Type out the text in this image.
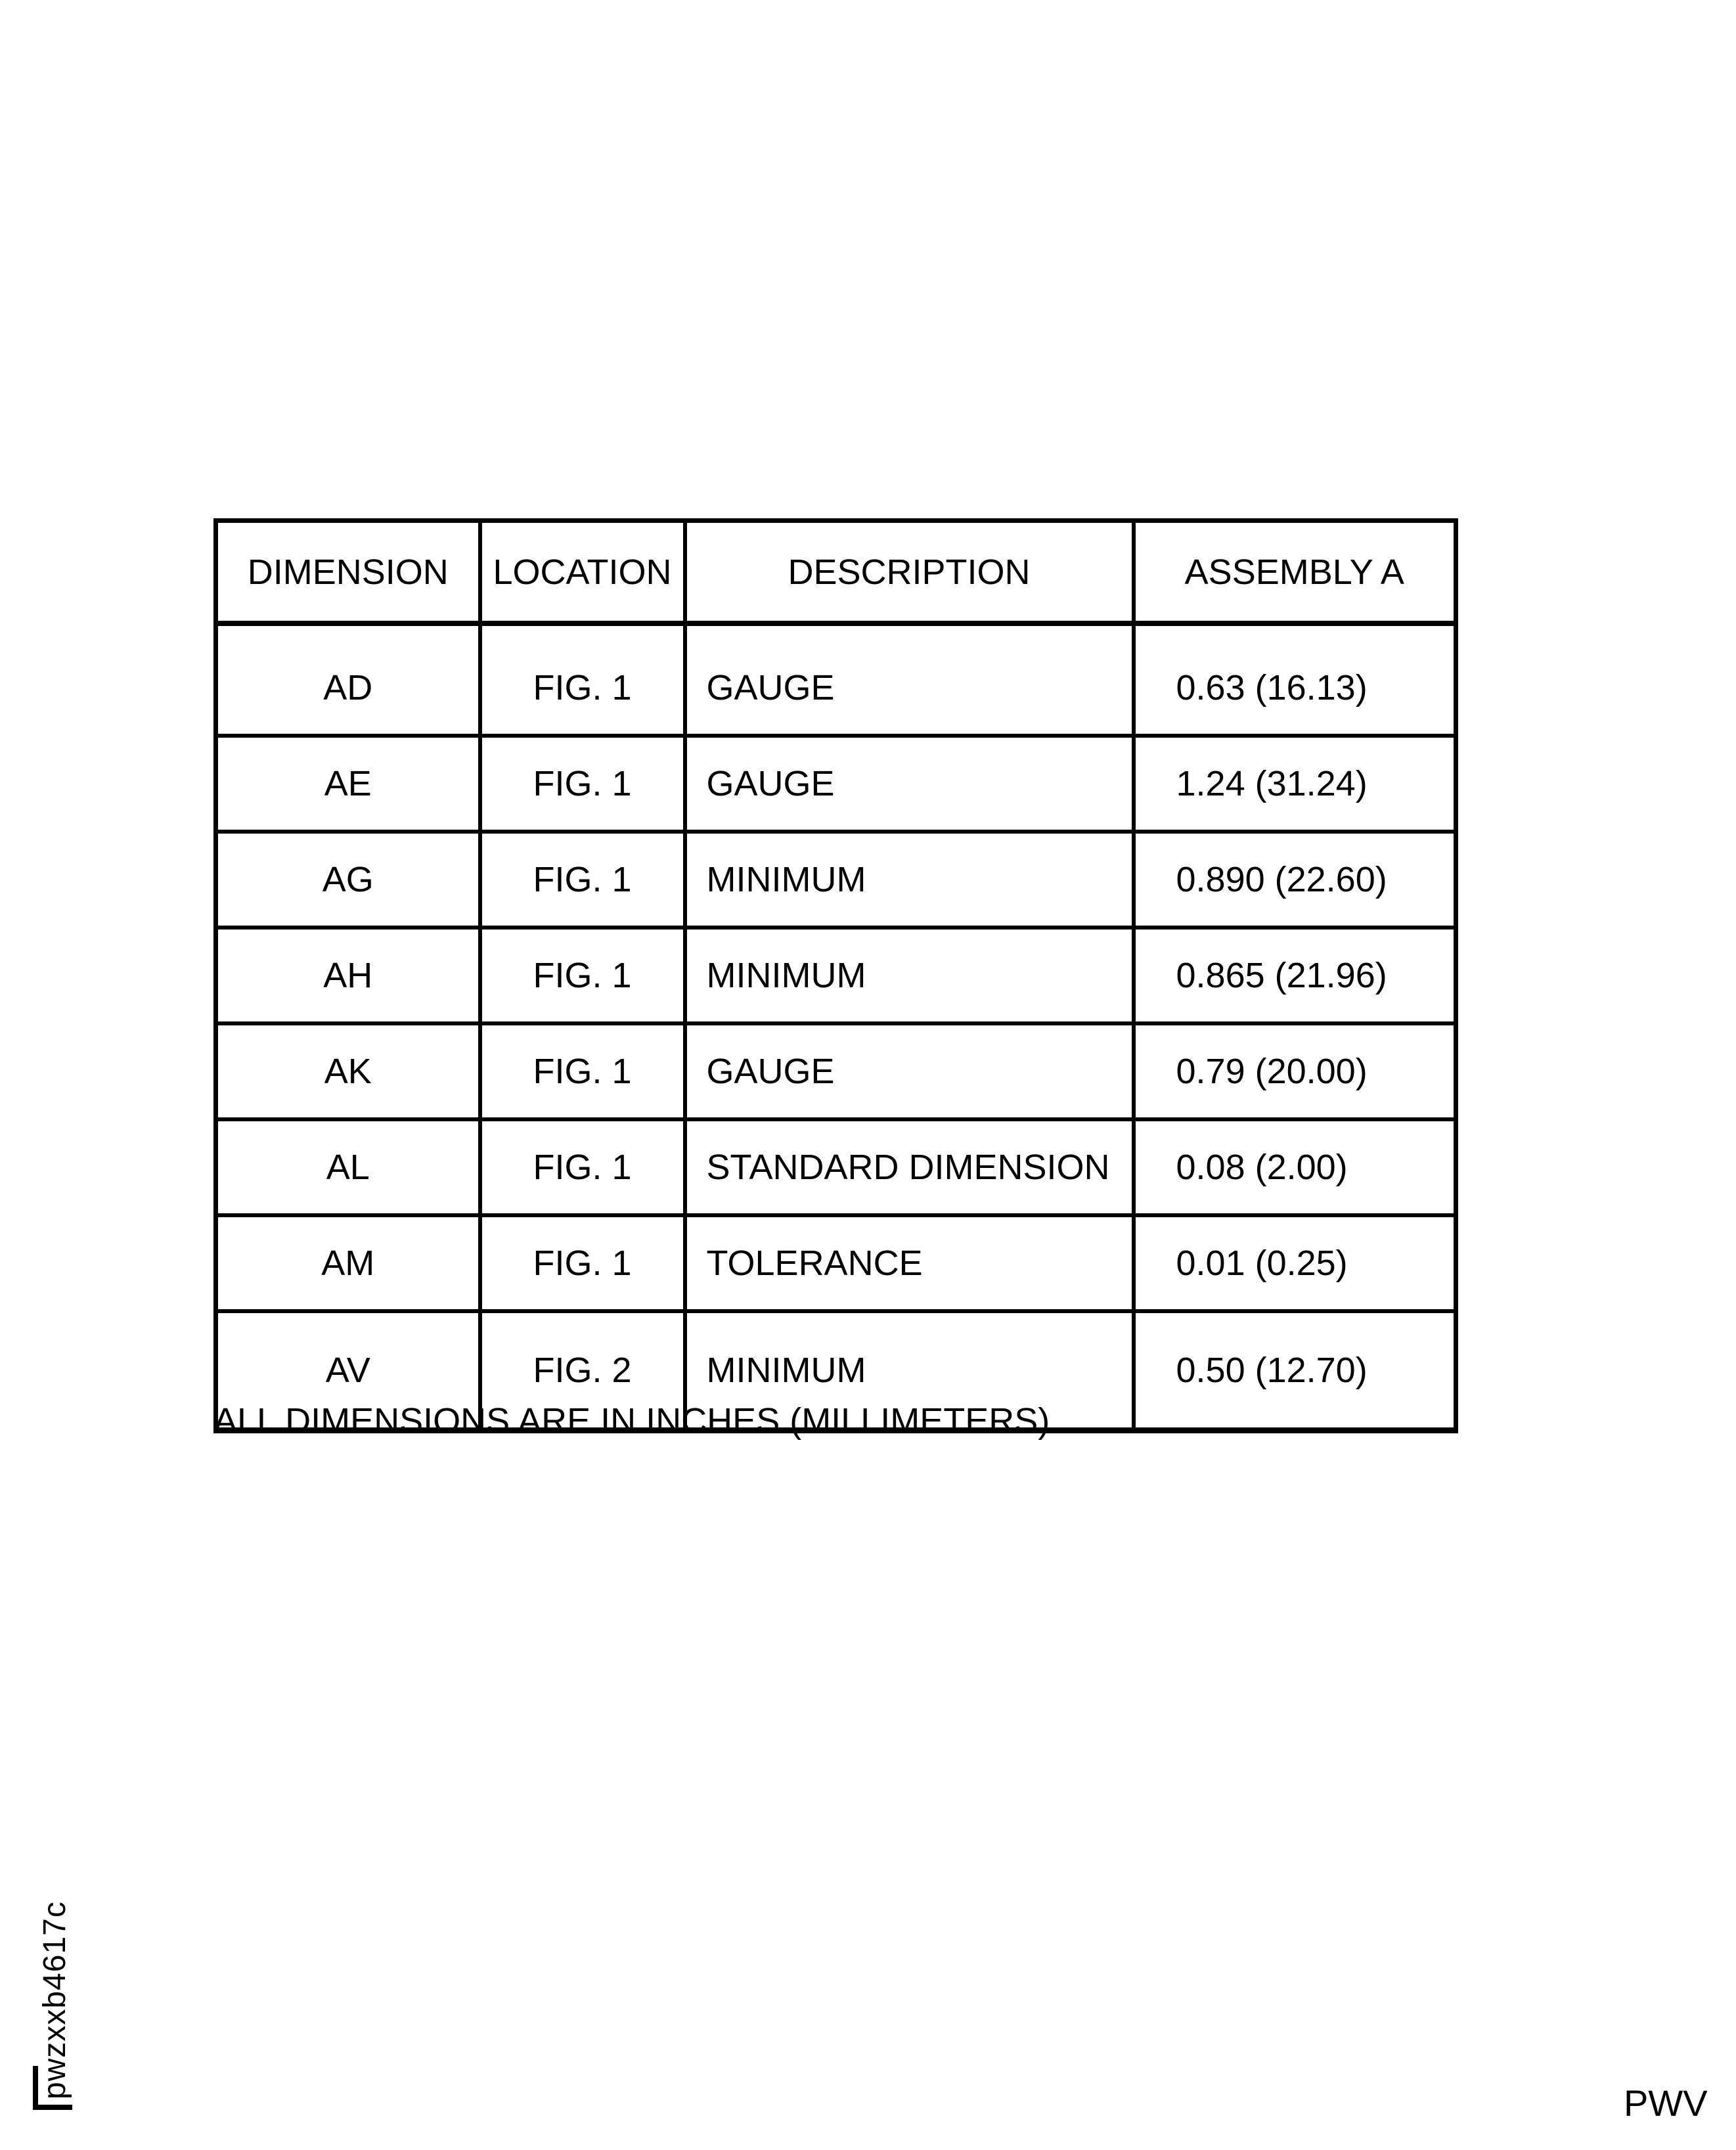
DIMENSION	LOCATION	DESCRIPTION	ASSEMBLY A
AD	FIG. 1	GAUGE	0.63 (16.13)
AE	FIG. 1	GAUGE	1.24 (31.24)
AG	FIG. 1	MINIMUM	0.890 (22.60)
AH	FIG. 1	MINIMUM	0.865 (21.96)
AK	FIG. 1	GAUGE	0.79 (20.00)
AL	FIG. 1	STANDARD DIMENSION	0.08 (2.00)
AM	FIG. 1	TOLERANCE	0.01 (0.25)
AV	FIG. 2	MINIMUM	0.50 (12.70)
ALL DIMENSIONS ARE IN INCHES (MILLIMETERS).
pwzxxb4617c
PWV
